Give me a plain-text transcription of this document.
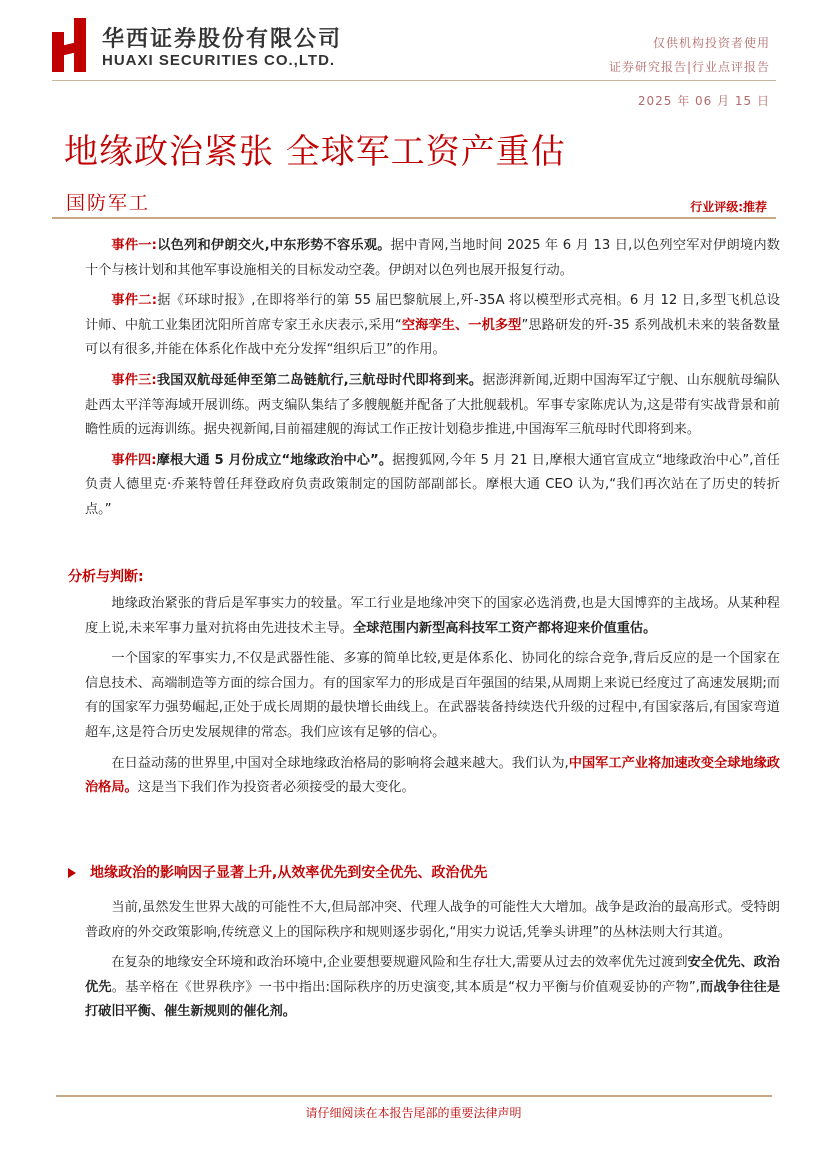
华西证券股份有限公司
HUAXI SECURITIES CO.,LTD.
仅供机构投资者使用
证券研究报告|行业点评报告
2025 年 06 月 15 日
地缘政治紧张 全球军工资产重估
国防军工	行业评级:推荐

事件一:以色列和伊朗交火,中东形势不容乐观。据中青网,当地时间 2025 年 6 月 13 日,以色列空军对伊朗境内数十个与核计划和其他军事设施相关的目标发动空袭。伊朗对以色列也展开报复行动。

事件二:据《环球时报》,在即将举行的第 55 届巴黎航展上,歼-35A 将以模型形式亮相。6 月 12 日,多型飞机总设计师、中航工业集团沈阳所首席专家王永庆表示,采用“空海孪生、一机多型”思路研发的歼-35 系列战机未来的装备数量可以有很多,并能在体系化作战中充分发挥“组织后卫”的作用。

事件三:我国双航母延伸至第二岛链航行,三航母时代即将到来。据澎湃新闻,近期中国海军辽宁舰、山东舰航母编队赴西太平洋等海域开展训练。两支编队集结了多艘舰艇并配备了大批舰载机。军事专家陈虎认为,这是带有实战背景和前瞻性质的远海训练。据央视新闻,目前福建舰的海试工作正按计划稳步推进,中国海军三航母时代即将到来。

事件四:摩根大通 5 月份成立“地缘政治中心”。据搜狐网,今年 5 月 21 日,摩根大通官宣成立“地缘政治中心”,首任负责人德里克·乔莱特曾任拜登政府负责政策制定的国防部副部长。摩根大通 CEO 认为,“我们再次站在了历史的转折点。”

分析与判断:

地缘政治紧张的背后是军事实力的较量。军工行业是地缘冲突下的国家必选消费,也是大国博弈的主战场。从某种程度上说,未来军事力量对抗将由先进技术主导。全球范围内新型高科技军工资产都将迎来价值重估。

一个国家的军事实力,不仅是武器性能、多寡的简单比较,更是体系化、协同化的综合竞争,背后反应的是一个国家在信息技术、高端制造等方面的综合国力。有的国家军力的形成是百年强国的结果,从周期上来说已经度过了高速发展期;而有的国家军力强势崛起,正处于成长周期的最快增长曲线上。在武器装备持续迭代升级的过程中,有国家落后,有国家弯道超车,这是符合历史发展规律的常态。我们应该有足够的信心。

在日益动荡的世界里,中国对全球地缘政治格局的影响将会越来越大。我们认为,中国军工产业将加速改变全球地缘政治格局。这是当下我们作为投资者必须接受的最大变化。

地缘政治的影响因子显著上升,从效率优先到安全优先、政治优先

当前,虽然发生世界大战的可能性不大,但局部冲突、代理人战争的可能性大大增加。战争是政治的最高形式。受特朗普政府的外交政策影响,传统意义上的国际秩序和规则逐步弱化,“用实力说话,凭拳头讲理”的丛林法则大行其道。

在复杂的地缘安全环境和政治环境中,企业要想要规避风险和生存壮大,需要从过去的效率优先过渡到安全优先、政治优先。基辛格在《世界秩序》一书中指出:国际秩序的历史演变,其本质是“权力平衡与价值观妥协的产物”,而战争往往是打破旧平衡、催生新规则的催化剂。

请仔细阅读在本报告尾部的重要法律声明
